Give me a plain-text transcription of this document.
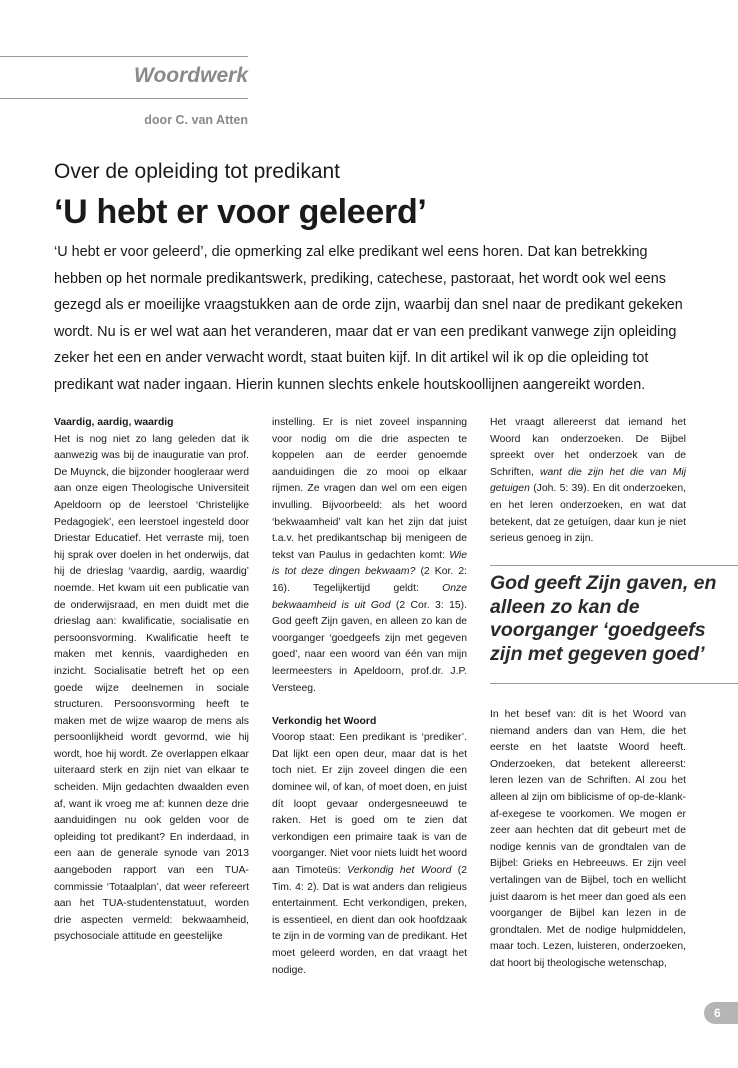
Woordwerk
door C. van Atten
Over de opleiding tot predikant
‘U hebt er voor geleerd’
‘U hebt er voor geleerd’, die opmerking zal elke predikant wel eens horen. Dat kan betrekking hebben op het normale predikantswerk, prediking, catechese, pastoraat, het wordt ook wel eens gezegd als er moeilijke vraagstukken aan de orde zijn, waarbij dan snel naar de predikant gekeken wordt. Nu is er wel wat aan het veranderen, maar dat er van een predikant vanwege zijn opleiding zeker het een en ander verwacht wordt, staat buiten kijf. In dit artikel wil ik op die opleiding tot predikant wat nader ingaan. Hierin kunnen slechts enkele houtskoollijnen aangereikt worden.
Vaardig, aardig, waardig

Het is nog niet zo lang geleden dat ik aanwezig was bij de inauguratie van prof. De Muynck, die bijzonder hoogleraar werd aan onze eigen Theologische Universiteit Apeldoorn op de leerstoel ‘Christelijke Pedagogiek’, een leerstoel ingesteld door Driestar Educatief. Het verraste mij, toen hij sprak over doelen in het onderwijs, dat hij de drieslag ‘vaardig, aardig, waardig’ noemde. Het kwam uit een publicatie van de onderwijsraad, en men duidt met die drieslag aan: kwalificatie, socialisatie en persoonsvorming. Kwalificatie heeft te maken met kennis, vaardigheden en inzicht. Socialisatie betreft het op een goede wijze deelnemen in sociale structuren. Persoonsvorming heeft te maken met de wijze waarop de mens als persoonlijkheid wordt gevormd, wie hij wordt, hoe hij wordt. Ze overlappen elkaar uiteraard sterk en zijn niet van elkaar te scheiden. Mijn gedachten dwaalden even af, want ik vroeg me af: kunnen deze drie aanduidingen nu ook gelden voor de opleiding tot predikant? En inderdaad, in een aan de generale synode van 2013 aangeboden rapport van een TUA-commissie ‘Totaalplan’, dat weer refereert aan het TUA-studentenstatuut, worden drie aspecten vermeld: bekwaamheid, psychosociale attitude en geestelijke

instelling. Er is niet zoveel inspanning voor nodig om die drie aspecten te koppelen aan de eerder genoemde aanduidingen die zo mooi op elkaar rijmen. Ze vragen dan wel om een eigen invulling. Bijvoorbeeld: als het woord ‘bekwaamheid’ valt kan het zijn dat juist t.a.v. het predikantschap bij menigeen de tekst van Paulus in gedachten komt: Wie is tot deze dingen bekwaam? (2 Kor. 2: 16). Tegelijkertijd geldt: Onze bekwaamheid is uit God (2 Cor. 3: 15). God geeft Zijn gaven, en alleen zo kan de voorganger ‘goedgeefs zijn met gegeven goed’, naar een woord van één van mijn leermeesters in Apeldoorn, prof.dr. J.P. Versteeg.

Verkondig het Woord

Voorop staat: Een predikant is ‘prediker’. Dat lijkt een open deur, maar dat is het toch niet. Er zijn zoveel dingen die een dominee wil, of kan, of moet doen, en juist dít loopt gevaar ondergesneeuwd te raken. Het is goed om te zien dat verkondigen een primaire taak is van de voorganger. Niet voor niets luidt het woord aan Timoteüs: Verkondig het Woord (2 Tim. 4: 2). Dat is wat anders dan religieus entertainment. Echt verkondigen, preken, is essentieel, en dient dan ook hoofdzaak te zijn in de vorming van de predikant. Het moet geleerd worden, en dat vraagt het nodige.

Het vraagt allereerst dat iemand het Woord kan onderzoeken. De Bijbel spreekt over het onderzoek van de Schriften, want die zijn het die van Mij getuigen (Joh. 5: 39). En dit onderzoeken, en het leren onderzoeken, en wat dat betekent, dat ze getuígen, daar kun je niet serieus genoeg in zijn.

God geeft Zijn gaven, en alleen zo kan de voorganger ‘goedgeefs zijn met gegeven goed’

In het besef van: dit is het Woord van niemand anders dan van Hem, die het eerste en het laatste Woord heeft. Onderzoeken, dat betekent allereerst: leren lezen van de Schriften. Al zou het alleen al zijn om biblicisme of op-de-klank-af-exegese te voorkomen. We mogen er zeer aan hechten dat dit gebeurt met de nodige kennis van de grondtalen van de Bijbel: Grieks en Hebreeuws. Er zijn veel vertalingen van de Bijbel, toch en wellicht juist daarom is het meer dan goed als een voorganger de Bijbel kan lezen in de grondtalen. Met de nodige hulpmiddelen, maar toch. Lezen, luisteren, onderzoeken, dat hoort bij theologische wetenschap,

6
